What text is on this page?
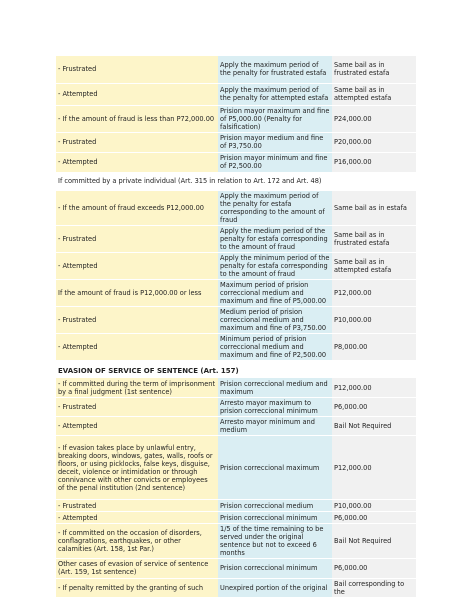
- Frustrated	Apply the maximum period of the penalty for frustrated estafa	Same bail as in frustrated estafa
- Attempted	Apply the maximum period of the penalty for attempted estafa	Same bail as in attempted estafa
- If the amount of fraud is less than P72,000.00	Prision mayor maximum and fine of P5,000.00 (Penalty for falsification)	P24,000.00
- Frustrated	Prision mayor medium and fine of P3,750.00	P20,000.00
- Attempted	Prision mayor minimum and fine of P2,500.00	P16,000.00
If committed by a private individual (Art. 315 in relation to Art. 172 and Art. 48)		
- If the amount of fraud exceeds P12,000.00	Apply the maximum period of the penalty for estafa corresponding to the amount of fraud	Same bail as in estafa
- Frustrated	Apply the medium period of the penalty for estafa corresponding to the amount of fraud	Same bail as in frustrated estafa
- Attempted	Apply the minimum period of the penalty for estafa corresponding to the amount of fraud	Same bail as in attempted estafa
If the amount of fraud is P12,000.00 or less	Maximum period of prision correccional medium and maximum and fine of P5,000.00	P12,000.00
- Frustrated	Medium period of prision correccional medium and maximum and fine of P3,750.00	P10,000.00
- Attempted	Minimum period of prision correccional medium and maximum and fine of P2,500.00	P8,000.00
EVASION OF SERVICE OF SENTENCE (Art. 157)		
- If committed during the term of imprisonment by a final judgment (1st sentence)	Prision correccional medium and maximum	P12,000.00
- Frustrated	Arresto mayor maximum to prision correccional minimum	P6,000.00
- Attempted	Arresto mayor minimum and medium	Bail Not Required
- If evasion takes place by unlawful entry, breaking doors, windows, gates, walls, roofs or floors, or using picklocks, false keys, disguise, deceit, violence or intimidation or through connivance with other convicts or employees of the penal institution (2nd sentence)	Prision correccional maximum	P12,000.00
- Frustrated	Prision correccional medium	P10,000.00
- Attempted	Prision correccional minimum	P6,000.00
- If committed on the occasion of disorders, conflagrations, earthquakes, or other calamities (Art. 158, 1st Par.)	1/5 of the time remaining to be served under the original sentence but not to exceed 6 months	Bail Not Required
Other cases of evasion of service of sentence (Art. 159, 1st sentence)	Prision correccional minimum	P6,000.00
- If penalty remitted by the granting of such	Unexpired portion of the original	Bail corresponding to the
